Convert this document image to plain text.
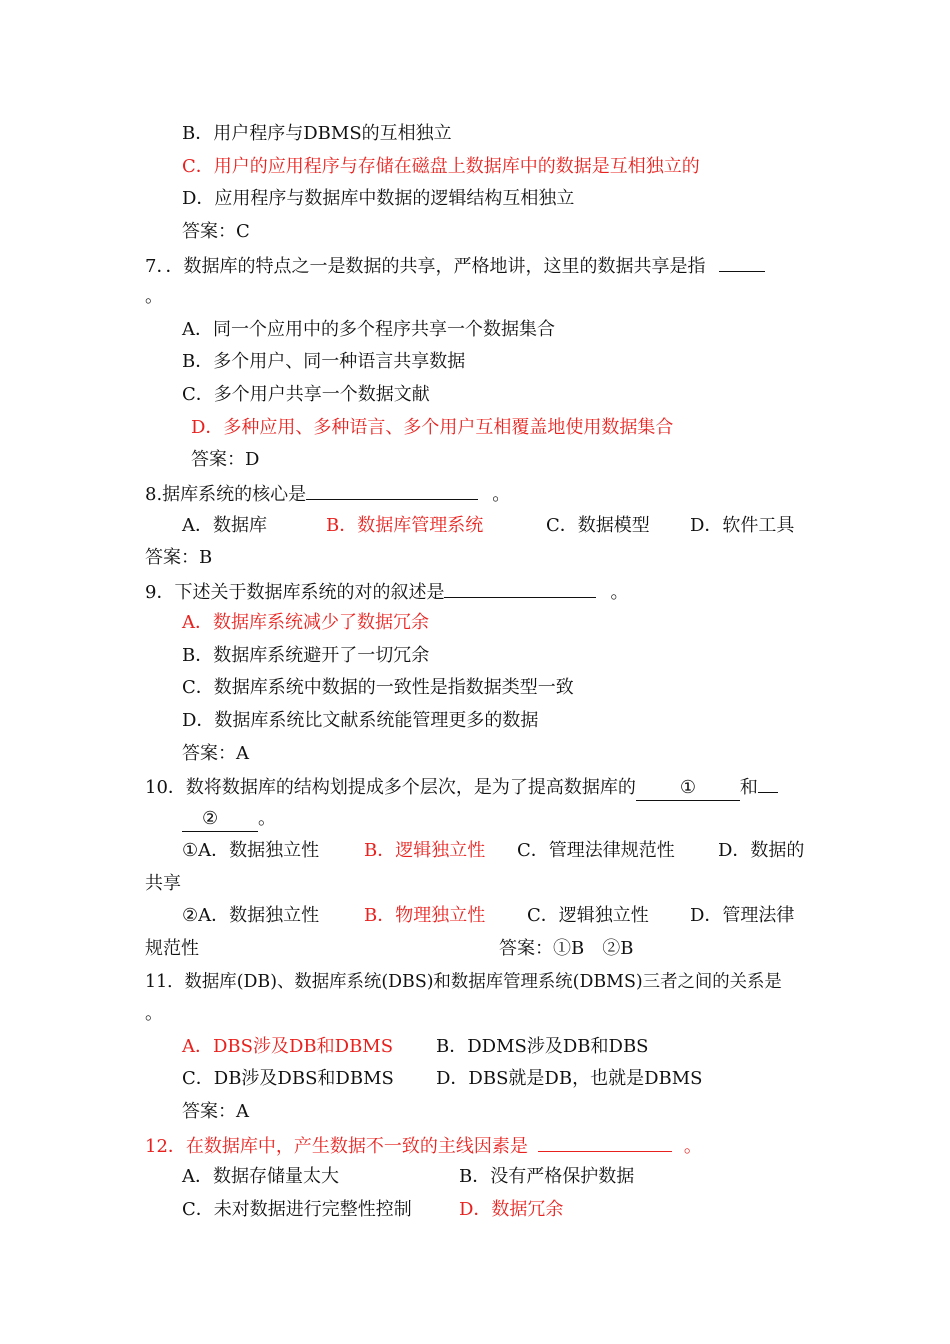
B．用户程序与DBMS的互相独立
C．用户的应用程序与存储在磁盘上数据库中的数据是互相独立的
D．应用程序与数据库中数据的逻辑结构互相独立
答案：C
7．．数据库的特点之一是数据的共享，严格地讲，这里的数据共享是指
。
A．同一个应用中的多个程序共享一个数据集合
B．多个用户、同一种语言共享数据
C．多个用户共享一个数据文献
D．多种应用、多种语言、多个用户互相覆盖地使用数据集合
答案：D
8.据库系统的核心是	。
A．数据库	B．数据库管理系统	C．数据模型 D．软件工具
答案：B
9．下述关于数据库系统的对的叙述是	。
A．数据库系统减少了数据冗余
B．数据库系统避开了一切冗余
C．数据库系统中数据的一致性是指数据类型一致
D．数据库系统比文献系统能管理更多的数据
答案：A
10．数将数据库的结构划提成多个层次，是为了提高数据库的 ① 和
② 。
①A．数据独立性 B．逻辑独立性 C．管理法律规范性 D．数据的
共享
②A．数据独立性 B．物理独立性 C．逻辑独立性 D．管理法律
规范性	答案：①B　②B
11．数据库(DB)、数据库系统(DBS)和数据库管理系统(DBMS)三者之间的关系是
。
A．DBS涉及DB和DBMS B．DDMS涉及DB和DBS
C．DB涉及DBS和DBMS D．DBS就是DB，也就是DBMS
答案：A
12．在数据库中，产生数据不一致的主线因素是	。
A．数据存储量太大	B．没有严格保护数据
C．未对数据进行完整性控制	D．数据冗余
